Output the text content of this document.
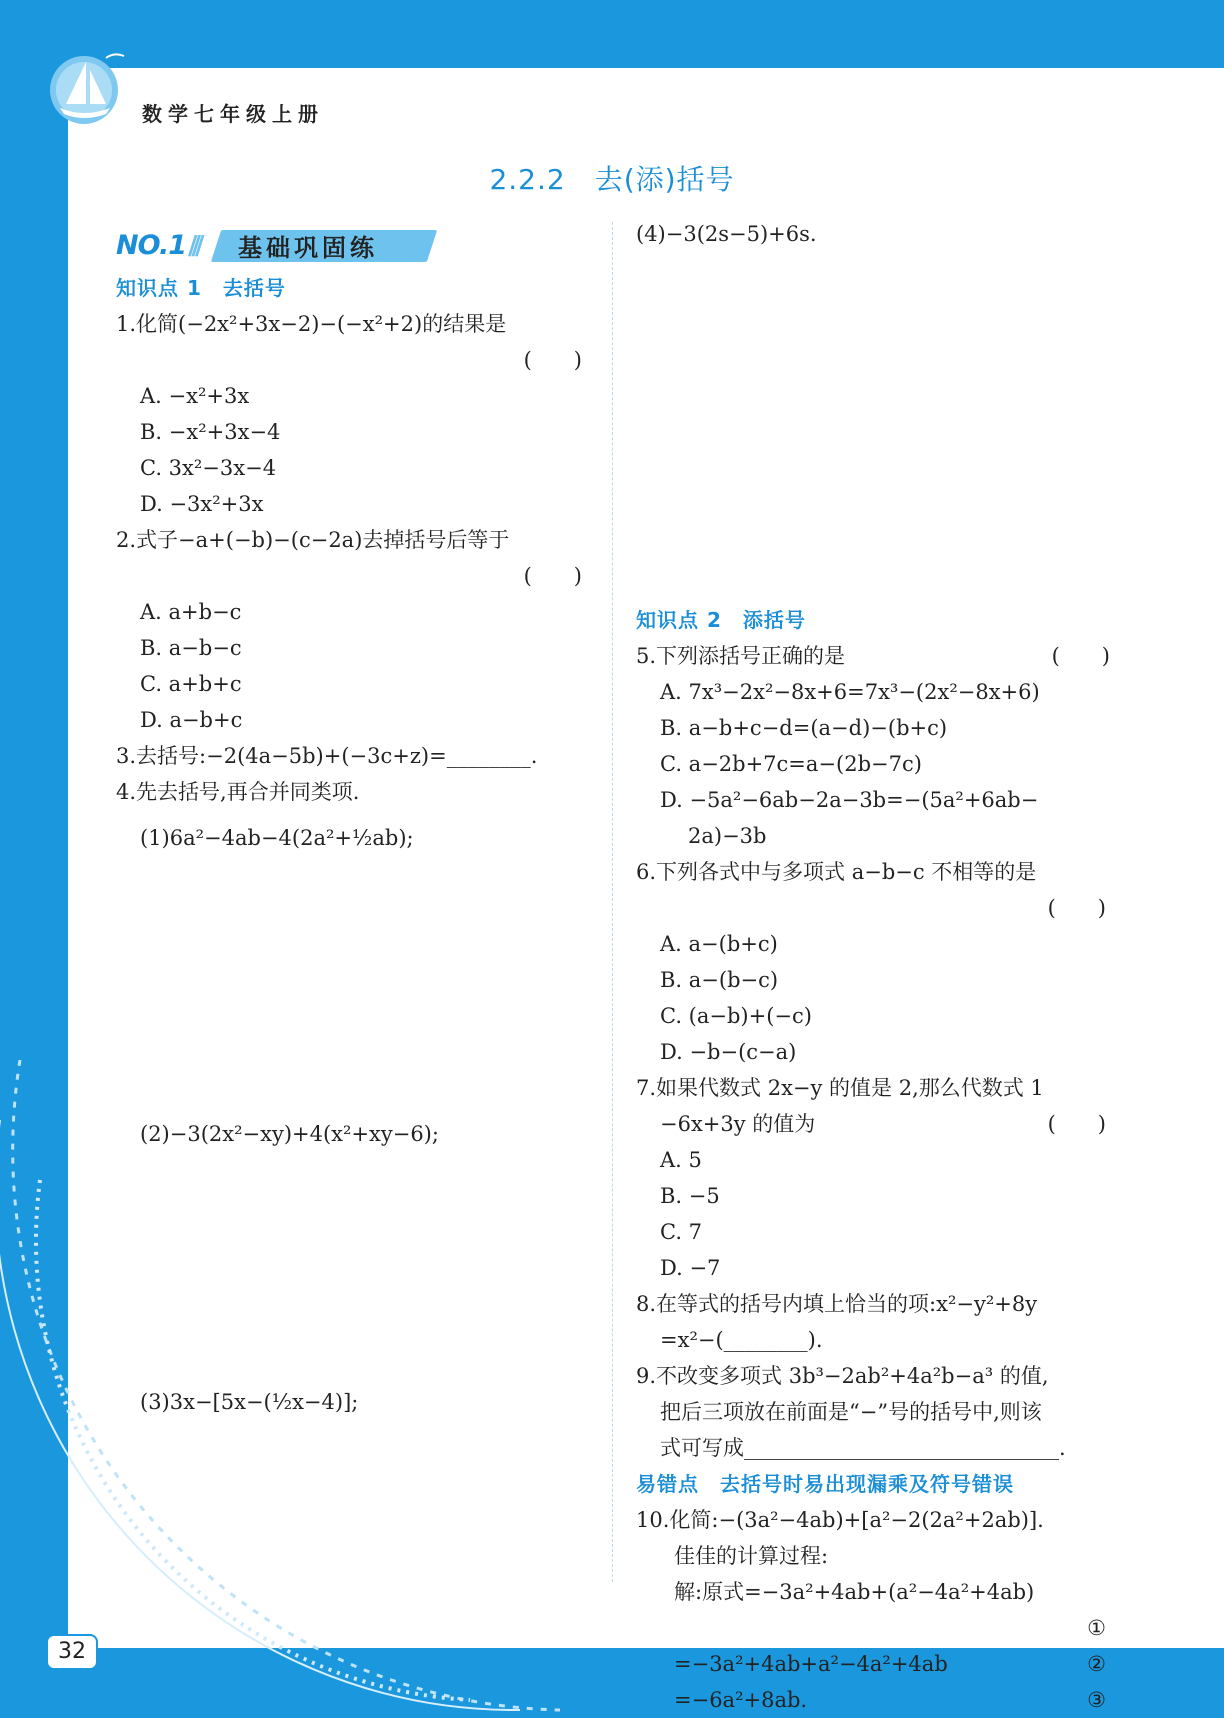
数学七年级上册
2.2.2　去(添)括号
NO.1 /// 基础巩固练
知识点 1　去括号
1.化简(−2x²+3x−2)−(−x²+2)的结果是
(　　)
A. −x²+3x
B. −x²+3x−4
C. 3x²−3x−4
D. −3x²+3x
2.式子−a+(−b)−(c−2a)去掉括号后等于
(　　)
A. a+b−c
B. a−b−c
C. a+b+c
D. a−b+c
3.去括号:−2(4a−5b)+(−3c+z)=________.
4.先去括号,再合并同类项.
(1)6a²−4ab−4(2a²+½ab);
(2)−3(2x²−xy)+4(x²+xy−6);
(3)3x−[5x−(½x−4)];
(4)−3(2s−5)+6s.
知识点 2　添括号
5.下列添括号正确的是	(　　)
A. 7x³−2x²−8x+6=7x³−(2x²−8x+6)
B. a−b+c−d=(a−d)−(b+c)
C. a−2b+7c=a−(2b−7c)
D. −5a²−6ab−2a−3b=−(5a²+6ab−
2a)−3b
6.下列各式中与多项式 a−b−c 不相等的是
(　　)
A. a−(b+c)
B. a−(b−c)
C. (a−b)+(−c)
D. −b−(c−a)
7.如果代数式 2x−y 的值是 2,那么代数式 1
−6x+3y 的值为	(　　)
A. 5
B. −5
C. 7
D. −7
8.在等式的括号内填上恰当的项:x²−y²+8y
=x²−(________).
9.不改变多项式 3b³−2ab²+4a²b−a³ 的值,
把后三项放在前面是“−”号的括号中,则该
式可写成______________________________.
易错点　去括号时易出现漏乘及符号错误
10.化简:−(3a²−4ab)+[a²−2(2a²+2ab)].
佳佳的计算过程:
解:原式=−3a²+4ab+(a²−4a²+4ab)
①
=−3a²+4ab+a²−4a²+4ab	②
=−6a²+8ab.	③
32
